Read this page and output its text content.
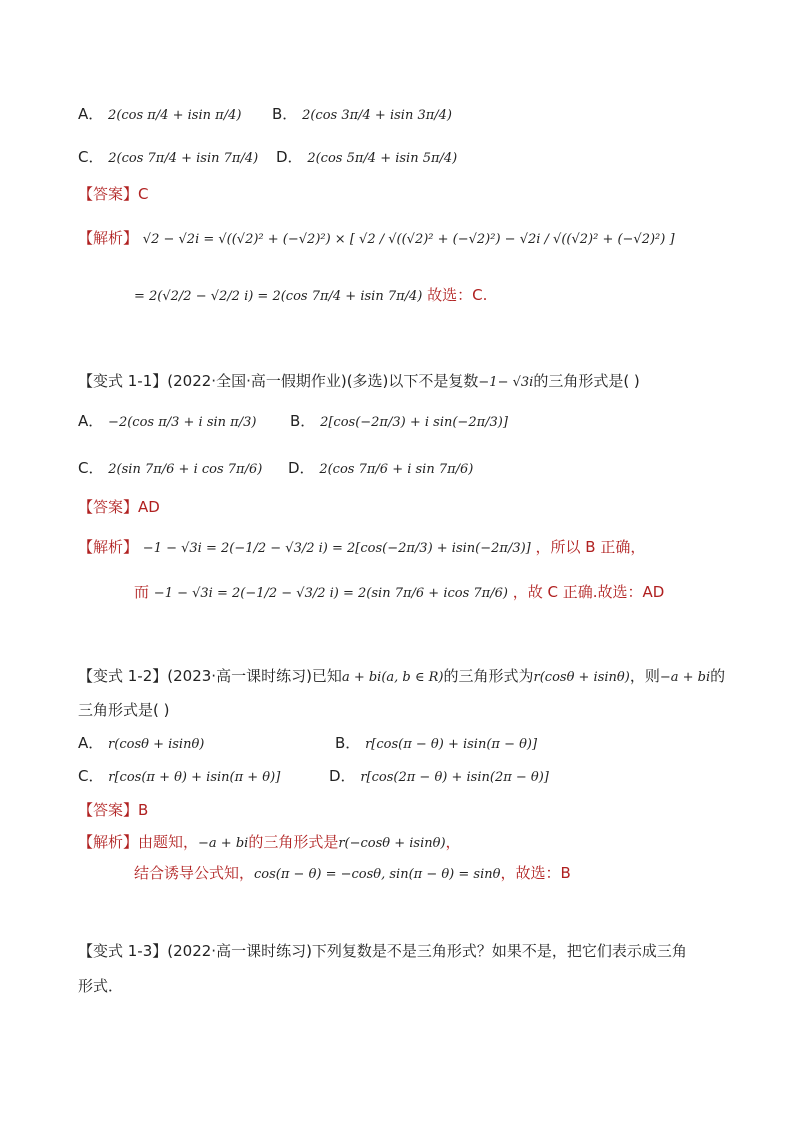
A． 2(cos π/4 + isin π/4) B． 2(cos 3π/4 + isin 3π/4)
C． 2(cos 7π/4 + isin 7π/4) D． 2(cos 5π/4 + isin 5π/4)
【答案】C
【解析】 √2 − √2i = √((√2)² + (−√2)²) × [ √2 / √((√2)² + (−√2)²) − √2i / √((√2)² + (−√2)²) ]
= 2(√2/2 − √2/2 i) = 2(cos 7π/4 + isin 7π/4) 故选：C.
【变式 1-1】(2022·全国·高一假期作业)(多选)以下不是复数−1− √3i的三角形式是( )
A． −2(cos π/3 + i sin π/3) B． 2[cos(−2π/3) + i sin(−2π/3)]
C． 2(sin 7π/6 + i cos 7π/6) D． 2(cos 7π/6 + i sin 7π/6)
【答案】AD
【解析】 −1 − √3i = 2(−1/2 − √3/2 i) = 2[cos(−2π/3) + isin(−2π/3)] ，所以 B 正确，
而 −1 − √3i = 2(−1/2 − √3/2 i) = 2(sin 7π/6 + icos 7π/6) ，故 C 正确.故选：AD
【变式 1-2】(2023·高一课时练习)已知a + bi(a, b ∈ R)的三角形式为r(cosθ + isinθ)，则−a + bi的
三角形式是( )
A． r(cosθ + isinθ)	B． r[cos(π − θ) + isin(π − θ)]
C． r[cos(π + θ) + isin(π + θ)]	D． r[cos(2π − θ) + isin(2π − θ)]
【答案】B
【解析】由题知，−a + bi的三角形式是r(−cosθ + isinθ)，
结合诱导公式知，cos(π − θ) = −cosθ, sin(π − θ) = sinθ，故选：B
【变式 1-3】(2022·高一课时练习)下列复数是不是三角形式？如果不是，把它们表示成三角
形式．
